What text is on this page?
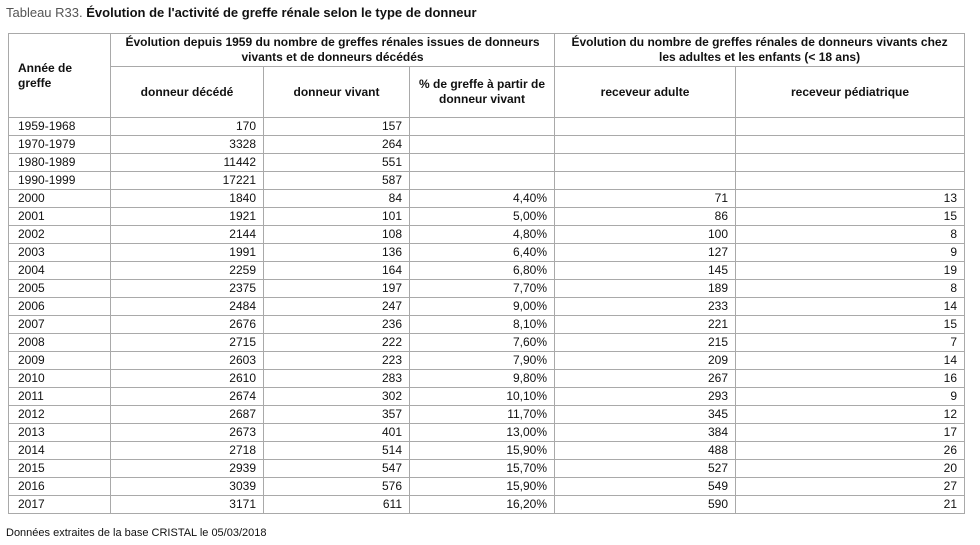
Tableau R33. Évolution de l'activité de greffe rénale selon le type de donneur
Année de greffe	Évolution depuis 1959 du nombre de greffes rénales issues de donneurs vivants et de donneurs décédés			Évolution du nombre de greffes rénales de donneurs vivants chez les adultes et les enfants (< 18 ans)	
	donneur décédé	donneur vivant	% de greffe à partir de donneur vivant	receveur adulte	receveur pédiatrique
1959-1968	170	157			
1970-1979	3328	264			
1980-1989	11442	551			
1990-1999	17221	587			
2000	1840	84	4,40%	71	13
2001	1921	101	5,00%	86	15
2002	2144	108	4,80%	100	8
2003	1991	136	6,40%	127	9
2004	2259	164	6,80%	145	19
2005	2375	197	7,70%	189	8
2006	2484	247	9,00%	233	14
2007	2676	236	8,10%	221	15
2008	2715	222	7,60%	215	7
2009	2603	223	7,90%	209	14
2010	2610	283	9,80%	267	16
2011	2674	302	10,10%	293	9
2012	2687	357	11,70%	345	12
2013	2673	401	13,00%	384	17
2014	2718	514	15,90%	488	26
2015	2939	547	15,70%	527	20
2016	3039	576	15,90%	549	27
2017	3171	611	16,20%	590	21
Données extraites de la base CRISTAL le 05/03/2018
